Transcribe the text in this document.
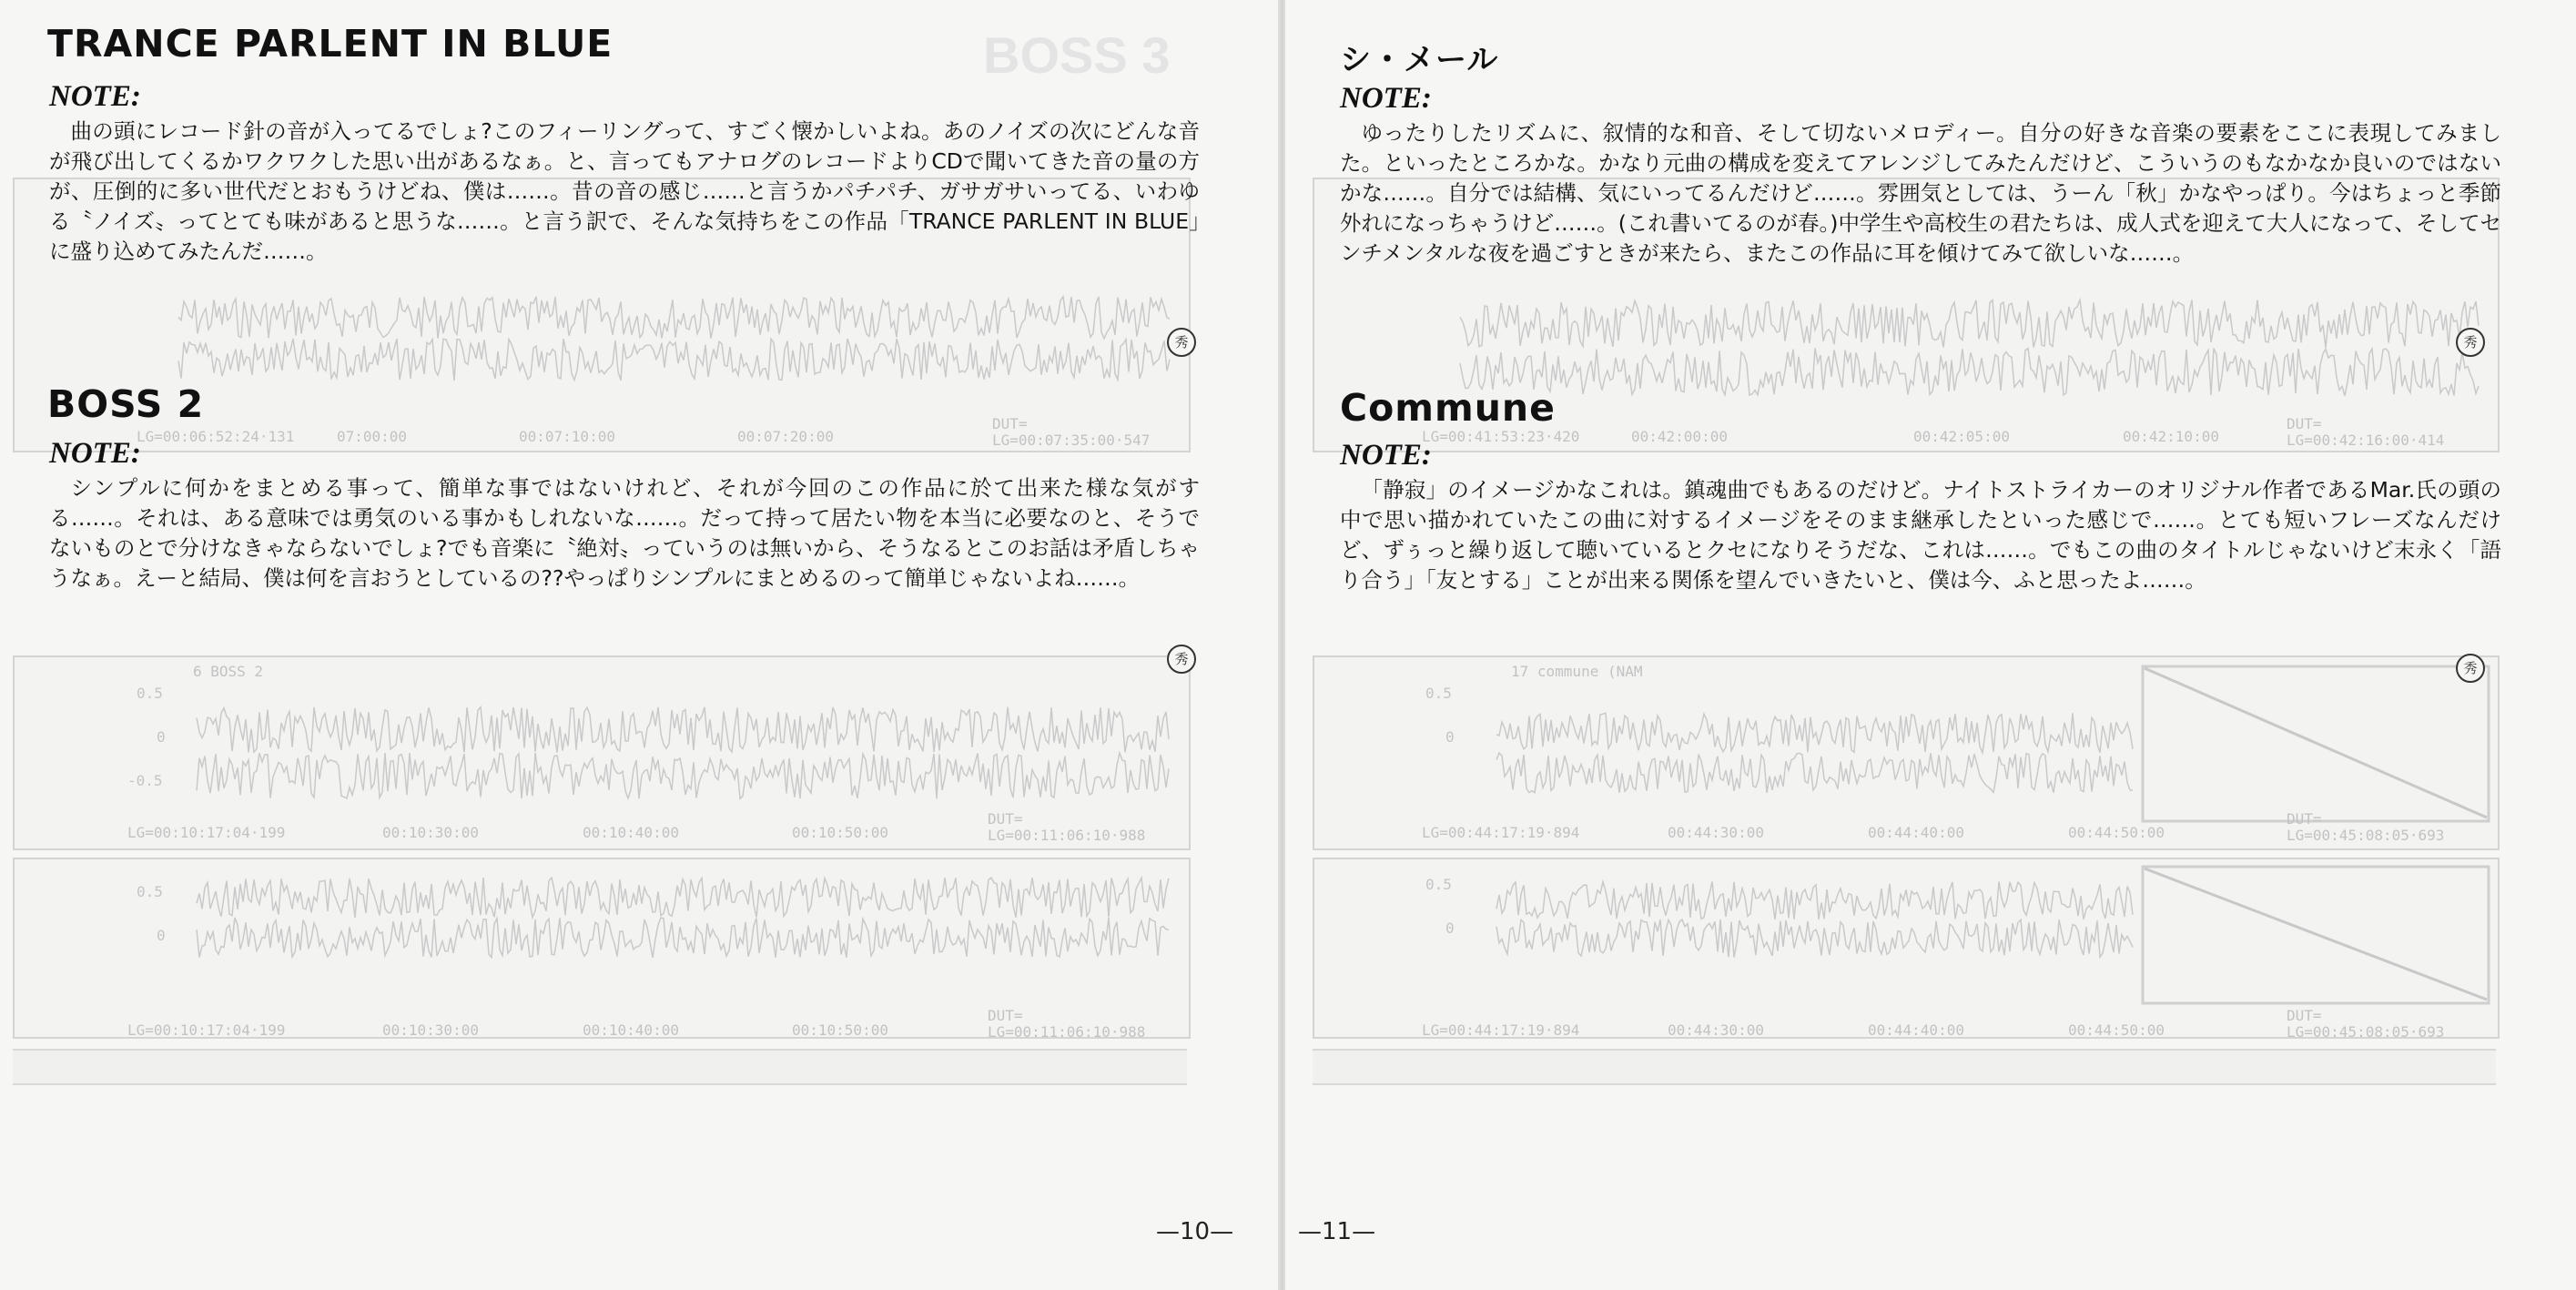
BOSS 3
LG=00:06:52:24·131	07:00:00	00:07:10:00	00:07:20:00
DUT=
LG=00:07:35:00·547
6 BOSS 2
0.5
0
-0.5
LG=00:10:17:04·199	00:10:30:00	00:10:40:00	00:10:50:00
DUT=
LG=00:11:06:10·988
0.5
0
LG=00:10:17:04·199	00:10:30:00	00:10:40:00	00:10:50:00
DUT=
LG=00:11:06:10·988
秀
秀
TRANCE PARLENT IN BLUE
NOTE:

曲の頭にレコード針の音が入ってるでしょ?このフィーリングって、すごく懐かしいよね。あのノイズの次にどんな音が飛び出してくるかワクワクした思い出があるなぁ。と、言ってもアナログのレコードよりCDで聞いてきた音の量の方が、圧倒的に多い世代だとおもうけどね、僕は……。昔の音の感じ……と言うかパチパチ、ガサガサいってる、いわゆる〝ノイズ〟ってとても味があると思うな……。と言う訳で、そんな気持ちをこの作品「TRANCE PARLENT IN BLUE」に盛り込めてみたんだ……。

BOSS 2
NOTE:

シンプルに何かをまとめる事って、簡単な事ではないけれど、それが今回のこの作品に於て出来た様な気がする……。それは、ある意味では勇気のいる事かもしれないな……。だって持って居たい物を本当に必要なのと、そうでないものとで分けなきゃならないでしょ?でも音楽に〝絶対〟っていうのは無いから、そうなるとこのお話は矛盾しちゃうなぁ。えーと結局、僕は何を言おうとしているの??やっぱりシンプルにまとめるのって簡単じゃないよね……。

—10—
LG=00:41:53:23·420	00:42:00:00	00:42:05:00	00:42:10:00
DUT=
LG=00:42:16:00·414
17 commune (NAM
0.5
0
LG=00:44:17:19·894	00:44:30:00	00:44:40:00	00:44:50:00
DUT=
LG=00:45:08:05·693
0.5
0
LG=00:44:17:19·894	00:44:30:00	00:44:40:00	00:44:50:00
DUT=
LG=00:45:08:05·693
秀
秀
シ・メール
NOTE:

ゆったりしたリズムに、叙情的な和音、そして切ないメロディー。自分の好きな音楽の要素をここに表現してみました。といったところかな。かなり元曲の構成を変えてアレンジしてみたんだけど、こういうのもなかなか良いのではないかな……。自分では結構、気にいってるんだけど……。雰囲気としては、うーん「秋」かなやっぱり。今はちょっと季節外れになっちゃうけど……。(これ書いてるのが春。)中学生や高校生の君たちは、成人式を迎えて大人になって、そしてセンチメンタルな夜を過ごすときが来たら、またこの作品に耳を傾けてみて欲しいな……。

Commune
NOTE:

「静寂」のイメージかなこれは。鎮魂曲でもあるのだけど。ナイトストライカーのオリジナル作者であるMar.氏の頭の中で思い描かれていたこの曲に対するイメージをそのまま継承したといった感じで……。とても短いフレーズなんだけど、ずぅっと繰り返して聴いているとクセになりそうだな、これは……。でもこの曲のタイトルじゃないけど末永く「語り合う」「友とする」ことが出来る関係を望んでいきたいと、僕は今、ふと思ったよ……。

—11—
